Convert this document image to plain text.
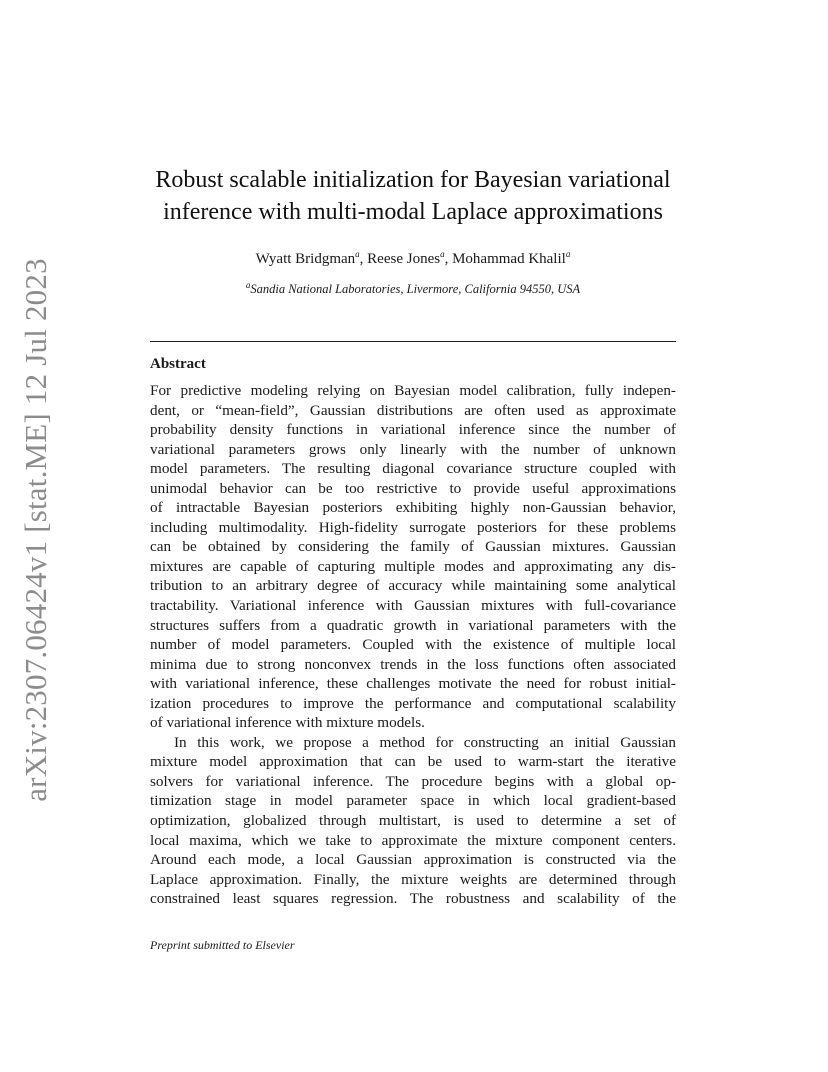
arXiv:2307.06424v1 [stat.ME] 12 Jul 2023
Robust scalable initialization for Bayesian variational
inference with multi-modal Laplace approximations
Wyatt Bridgman$^a$, Reese Jones$^a$, Mohammad Khalil$^a$
$^a$Sandia National Laboratories, Livermore, California 94550, USA
Abstract
For predictive modeling relying on Bayesian model calibration, fully indepen-
dent, or “mean-field”, Gaussian distributions are often used as approximate
probability density functions in variational inference since the number of
variational parameters grows only linearly with the number of unknown
model parameters. The resulting diagonal covariance structure coupled with
unimodal behavior can be too restrictive to provide useful approximations
of intractable Bayesian posteriors exhibiting highly non-Gaussian behavior,
including multimodality. High-fidelity surrogate posteriors for these problems
can be obtained by considering the family of Gaussian mixtures. Gaussian
mixtures are capable of capturing multiple modes and approximating any dis-
tribution to an arbitrary degree of accuracy while maintaining some analytical
tractability. Variational inference with Gaussian mixtures with full-covariance
structures suffers from a quadratic growth in variational parameters with the
number of model parameters. Coupled with the existence of multiple local
minima due to strong nonconvex trends in the loss functions often associated
with variational inference, these challenges motivate the need for robust initial-
ization procedures to improve the performance and computational scalability
of variational inference with mixture models.
In this work, we propose a method for constructing an initial Gaussian
mixture model approximation that can be used to warm-start the iterative
solvers for variational inference. The procedure begins with a global op-
timization stage in model parameter space in which local gradient-based
optimization, globalized through multistart, is used to determine a set of
local maxima, which we take to approximate the mixture component centers.
Around each mode, a local Gaussian approximation is constructed via the
Laplace approximation. Finally, the mixture weights are determined through
constrained least squares regression. The robustness and scalability of the
Preprint submitted to Elsevier
